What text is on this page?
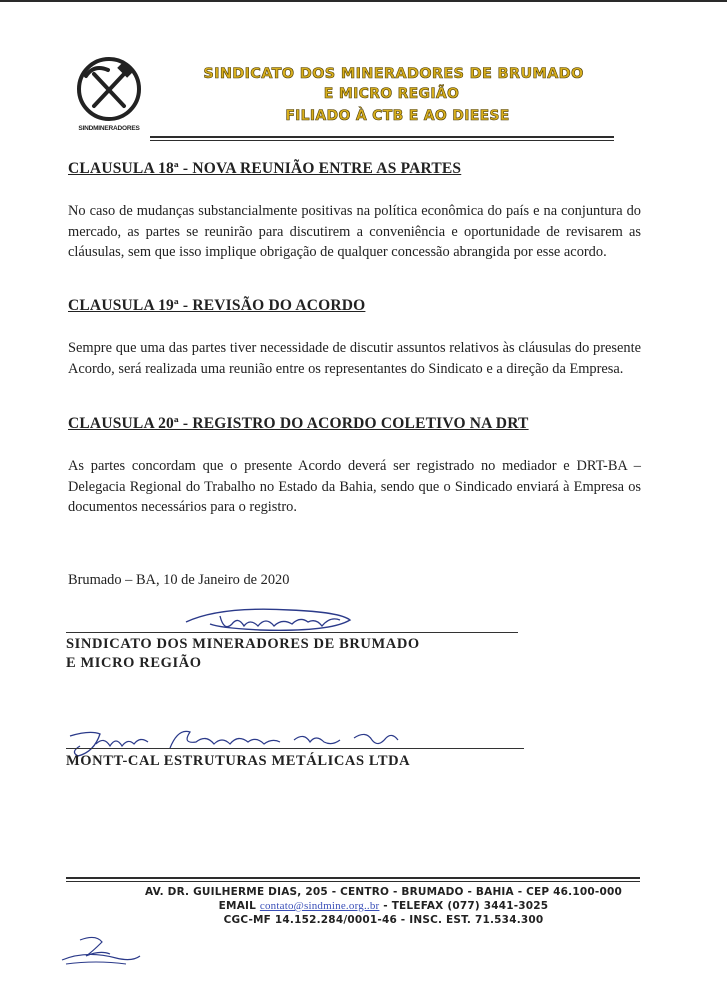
SINDMINERADORES
SINDICATO DOS MINERADORES DE BRUMADO
E MICRO REGIÃO
FILIADO À CTB E AO DIEESE
CLAUSULA 18ª - NOVA REUNIÃO ENTRE AS PARTES
No caso de mudanças substancialmente positivas na política econômica do país e na conjuntura do mercado, as partes se reunirão para discutirem a conveniência e oportunidade de revisarem as cláusulas, sem que isso implique obrigação de qualquer concessão abrangida por esse acordo.
CLAUSULA 19ª - REVISÃO DO ACORDO
Sempre que uma das partes tiver necessidade de discutir assuntos relativos às cláusulas do presente Acordo, será realizada uma reunião entre os representantes do Sindicato e a direção da Empresa.
CLAUSULA 20ª - REGISTRO DO ACORDO COLETIVO NA DRT
As partes concordam que o presente Acordo deverá ser registrado no mediador e DRT-BA – Delegacia Regional do Trabalho no Estado da Bahia, sendo que o Sindicado enviará à Empresa os documentos necessários para o registro.
Brumado – BA, 10 de Janeiro de 2020
SINDICATO DOS MINERADORES DE BRUMADO
E MICRO REGIÃO
MONTT-CAL ESTRUTURAS METÁLICAS LTDA
AV. DR. GUILHERME DIAS, 205 - CENTRO - BRUMADO - BAHIA - CEP 46.100-000
EMAIL contato@sindmine.org..br - TELEFAX (077) 3441-3025
CGC-MF 14.152.284/0001-46 - INSC. EST. 71.534.300
